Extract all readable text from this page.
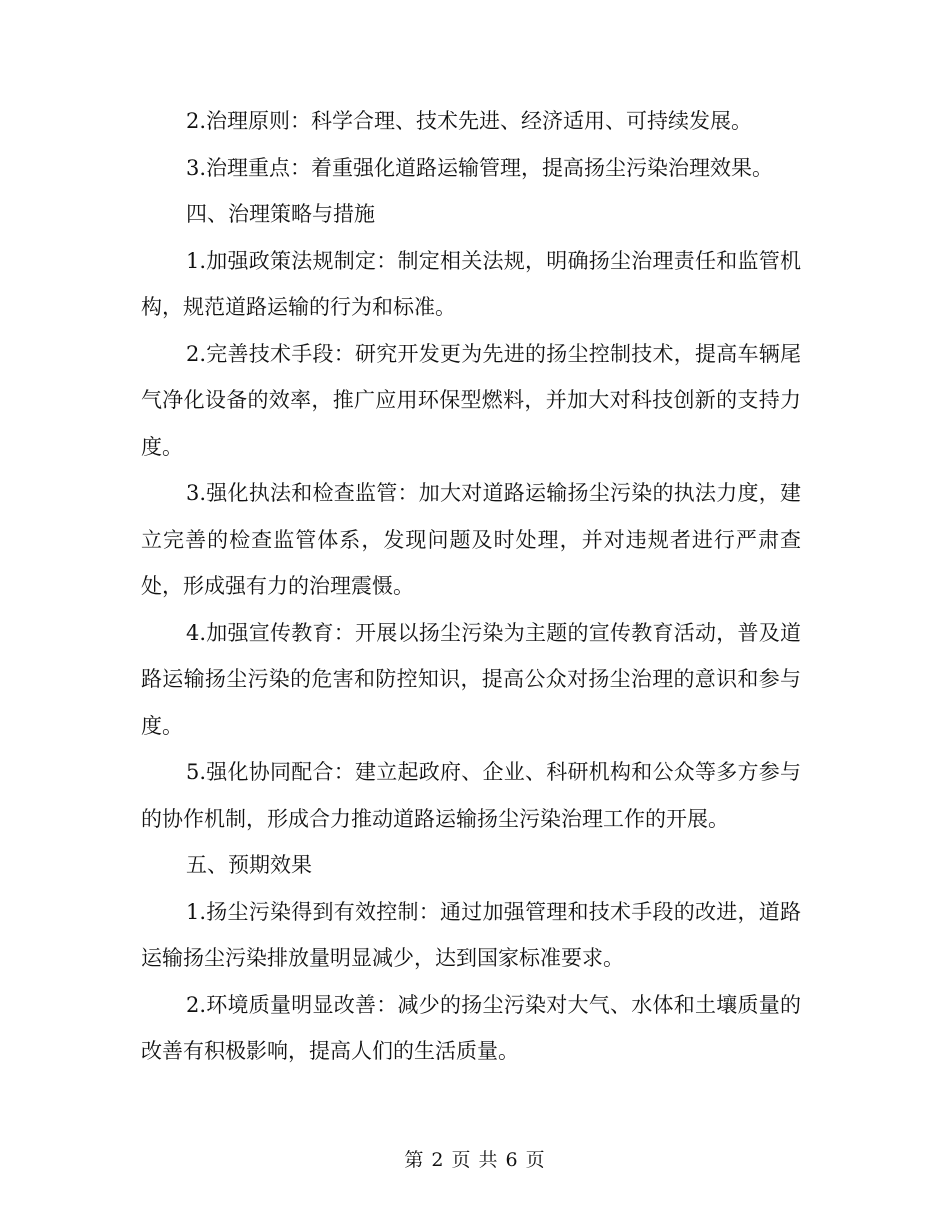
2.治理原则：科学合理、技术先进、经济适用、可持续发展。

3.治理重点：着重强化道路运输管理，提高扬尘污染治理效果。

四、治理策略与措施

1.加强政策法规制定：制定相关法规，明确扬尘治理责任和监管机构，规范道路运输的行为和标准。

2.完善技术手段：研究开发更为先进的扬尘控制技术，提高车辆尾气净化设备的效率，推广应用环保型燃料，并加大对科技创新的支持力度。

3.强化执法和检查监管：加大对道路运输扬尘污染的执法力度，建立完善的检查监管体系，发现问题及时处理，并对违规者进行严肃查处，形成强有力的治理震慑。

4.加强宣传教育：开展以扬尘污染为主题的宣传教育活动，普及道路运输扬尘污染的危害和防控知识，提高公众对扬尘治理的意识和参与度。

5.强化协同配合：建立起政府、企业、科研机构和公众等多方参与的协作机制，形成合力推动道路运输扬尘污染治理工作的开展。

五、预期效果

1.扬尘污染得到有效控制：通过加强管理和技术手段的改进，道路运输扬尘污染排放量明显减少，达到国家标准要求。

2.环境质量明显改善：减少的扬尘污染对大气、水体和土壤质量的改善有积极影响，提高人们的生活质量。

第 2 页 共 6 页
